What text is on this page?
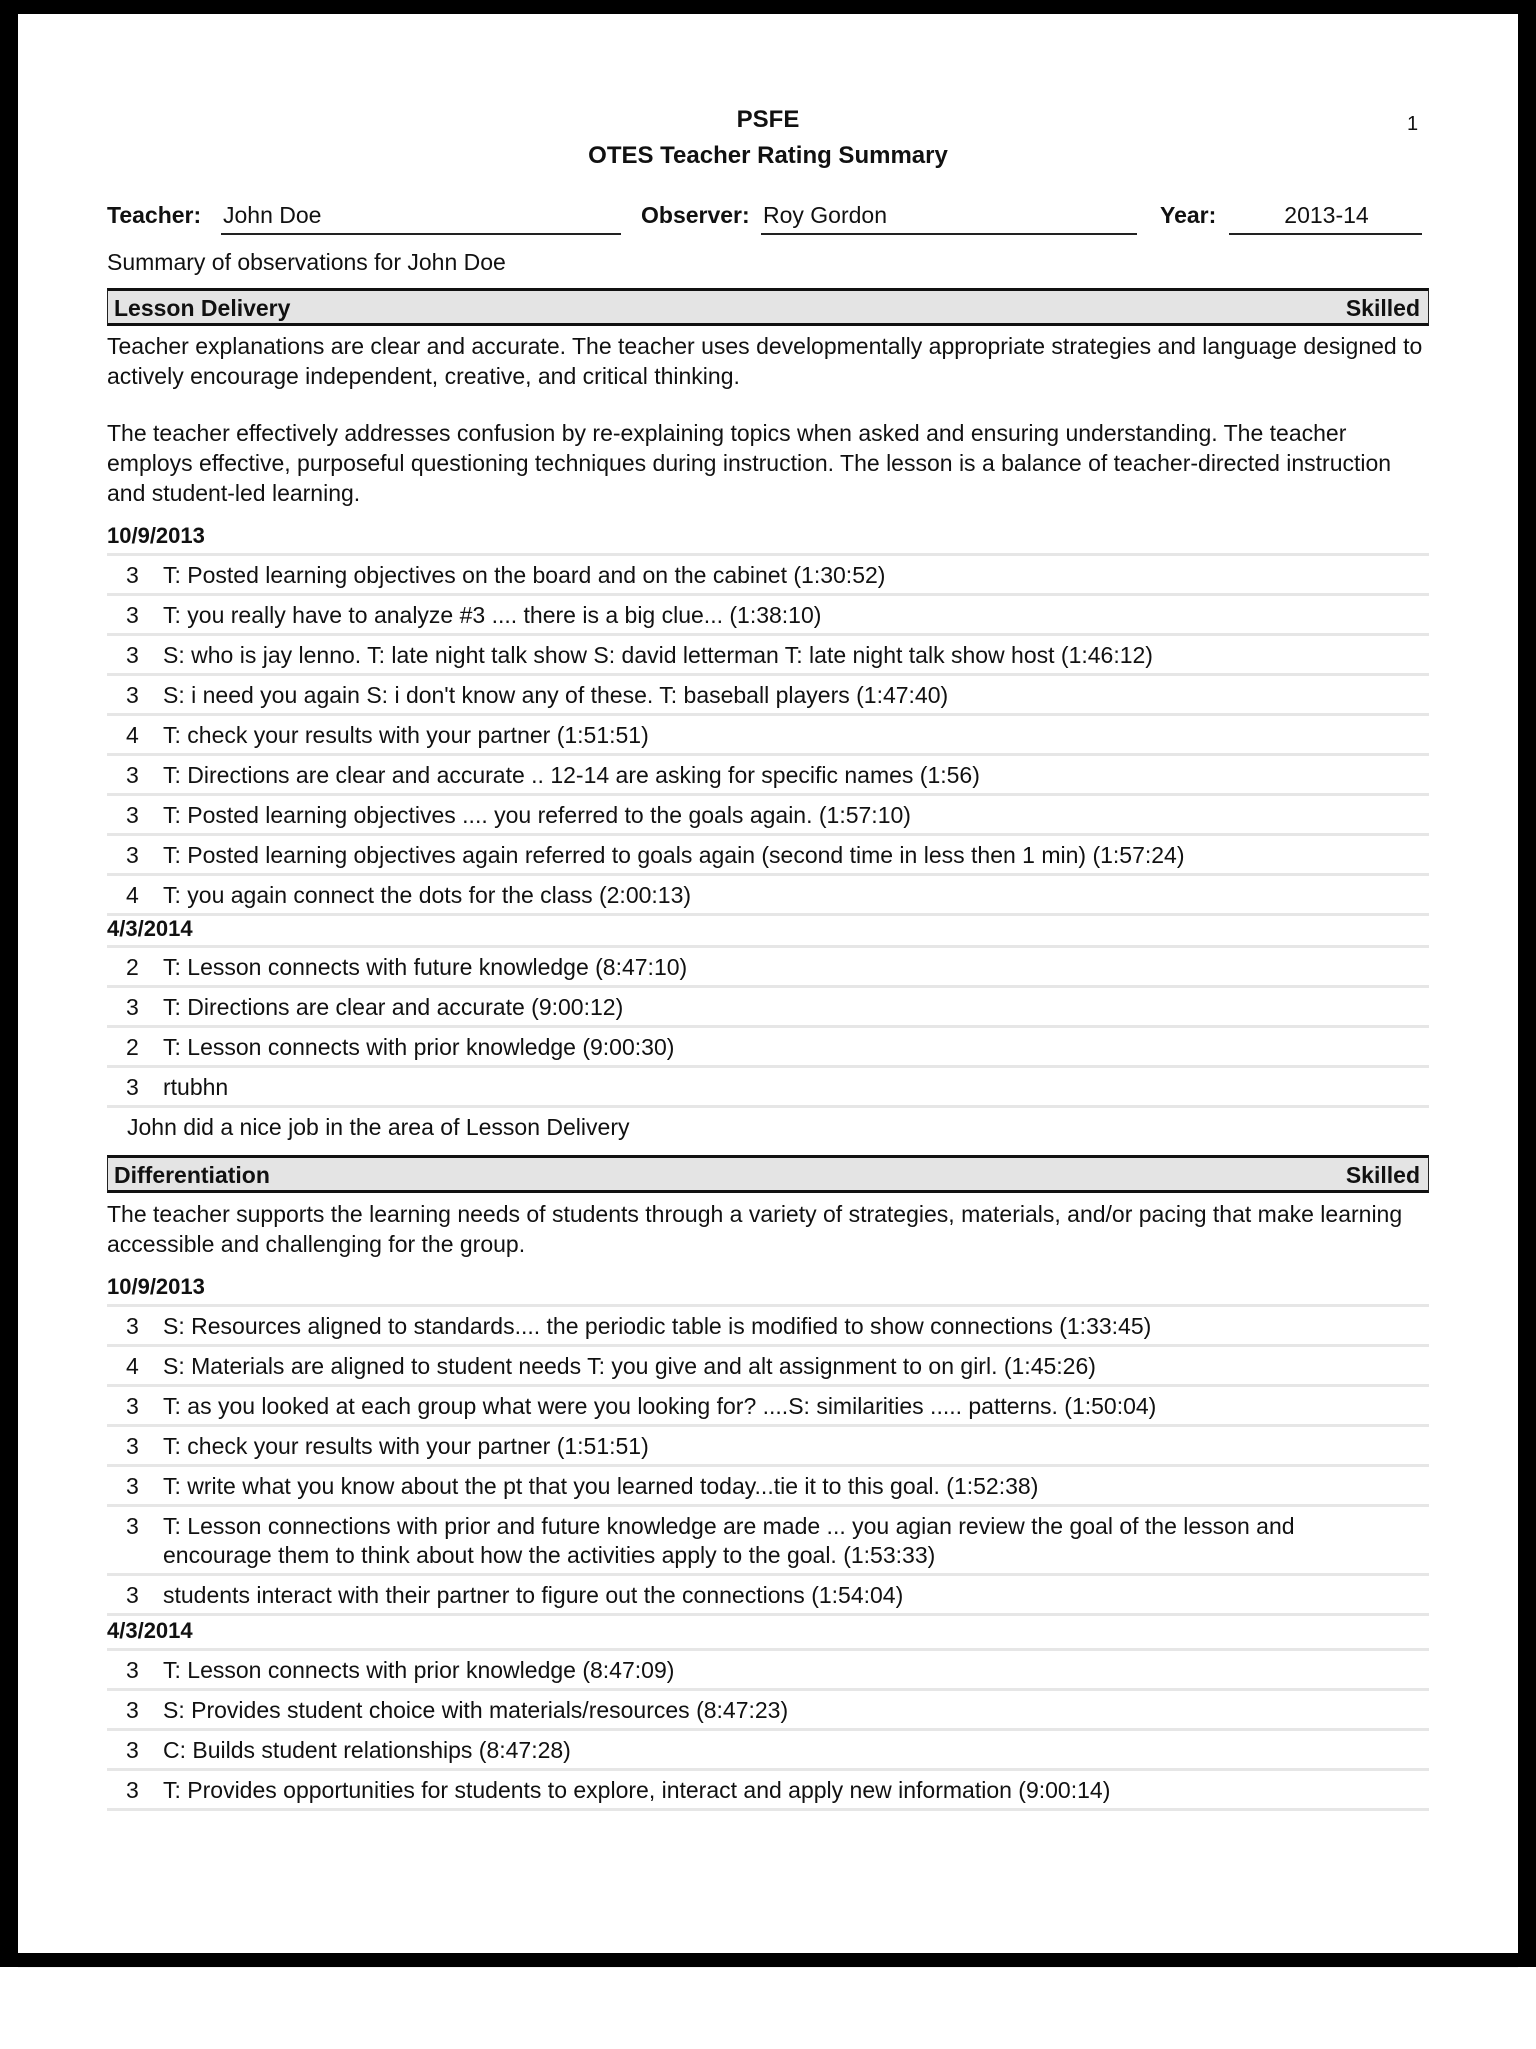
PSFE
OTES Teacher Rating Summary
1
Teacher: John Doe	Observer: Roy Gordon	Year:	2013-14
Summary of observations for John Doe
Lesson Delivery	Skilled

Teacher explanations are clear and accurate. The teacher uses developmentally appropriate strategies and language designed to actively encourage independent, creative, and critical thinking.

The teacher effectively addresses confusion by re-explaining topics when asked and ensuring understanding. The teacher employs effective, purposeful questioning techniques during instruction. The lesson is a balance of teacher-directed instruction and student-led learning.

10/9/2013
3	T: Posted learning objectives on the board and on the cabinet (1:30:52)
3	T: you really have to analyze #3 .... there is a big clue... (1:38:10)
3	S: who is jay lenno. T: late night talk show S: david letterman T: late night talk show host (1:46:12)
3	S: i need you again S: i don't know any of these. T: baseball players (1:47:40)
4	T: check your results with your partner (1:51:51)
3	T: Directions are clear and accurate .. 12-14 are asking for specific names (1:56)
3	T: Posted learning objectives .... you referred to the goals again. (1:57:10)
3	T: Posted learning objectives again referred to goals again (second time in less then 1 min) (1:57:24)
4	T: you again connect the dots for the class (2:00:13)
4/3/2014
2	T: Lesson connects with future knowledge (8:47:10)
3	T: Directions are clear and accurate (9:00:12)
2	T: Lesson connects with prior knowledge (9:00:30)
3	rtubhn
John did a nice job in the area of Lesson Delivery
Differentiation	Skilled

The teacher supports the learning needs of students through a variety of strategies, materials, and/or pacing that make learning accessible and challenging for the group.

10/9/2013
3	S: Resources aligned to standards.... the periodic table is modified to show connections (1:33:45)
4	S: Materials are aligned to student needs T: you give and alt assignment to on girl. (1:45:26)
3	T: as you looked at each group what were you looking for? ....S: similarities ..... patterns. (1:50:04)
3	T: check your results with your partner (1:51:51)
3	T: write what you know about the pt that you learned today...tie it to this goal. (1:52:38)
3	T: Lesson connections with prior and future knowledge are made ... you agian review the goal of the lesson and encourage them to think about how the activities apply to the goal. (1:53:33)
3	students interact with their partner to figure out the connections (1:54:04)
4/3/2014
3	T: Lesson connects with prior knowledge (8:47:09)
3	S: Provides student choice with materials/resources (8:47:23)
3	C: Builds student relationships (8:47:28)
3	T: Provides opportunities for students to explore, interact and apply new information (9:00:14)
